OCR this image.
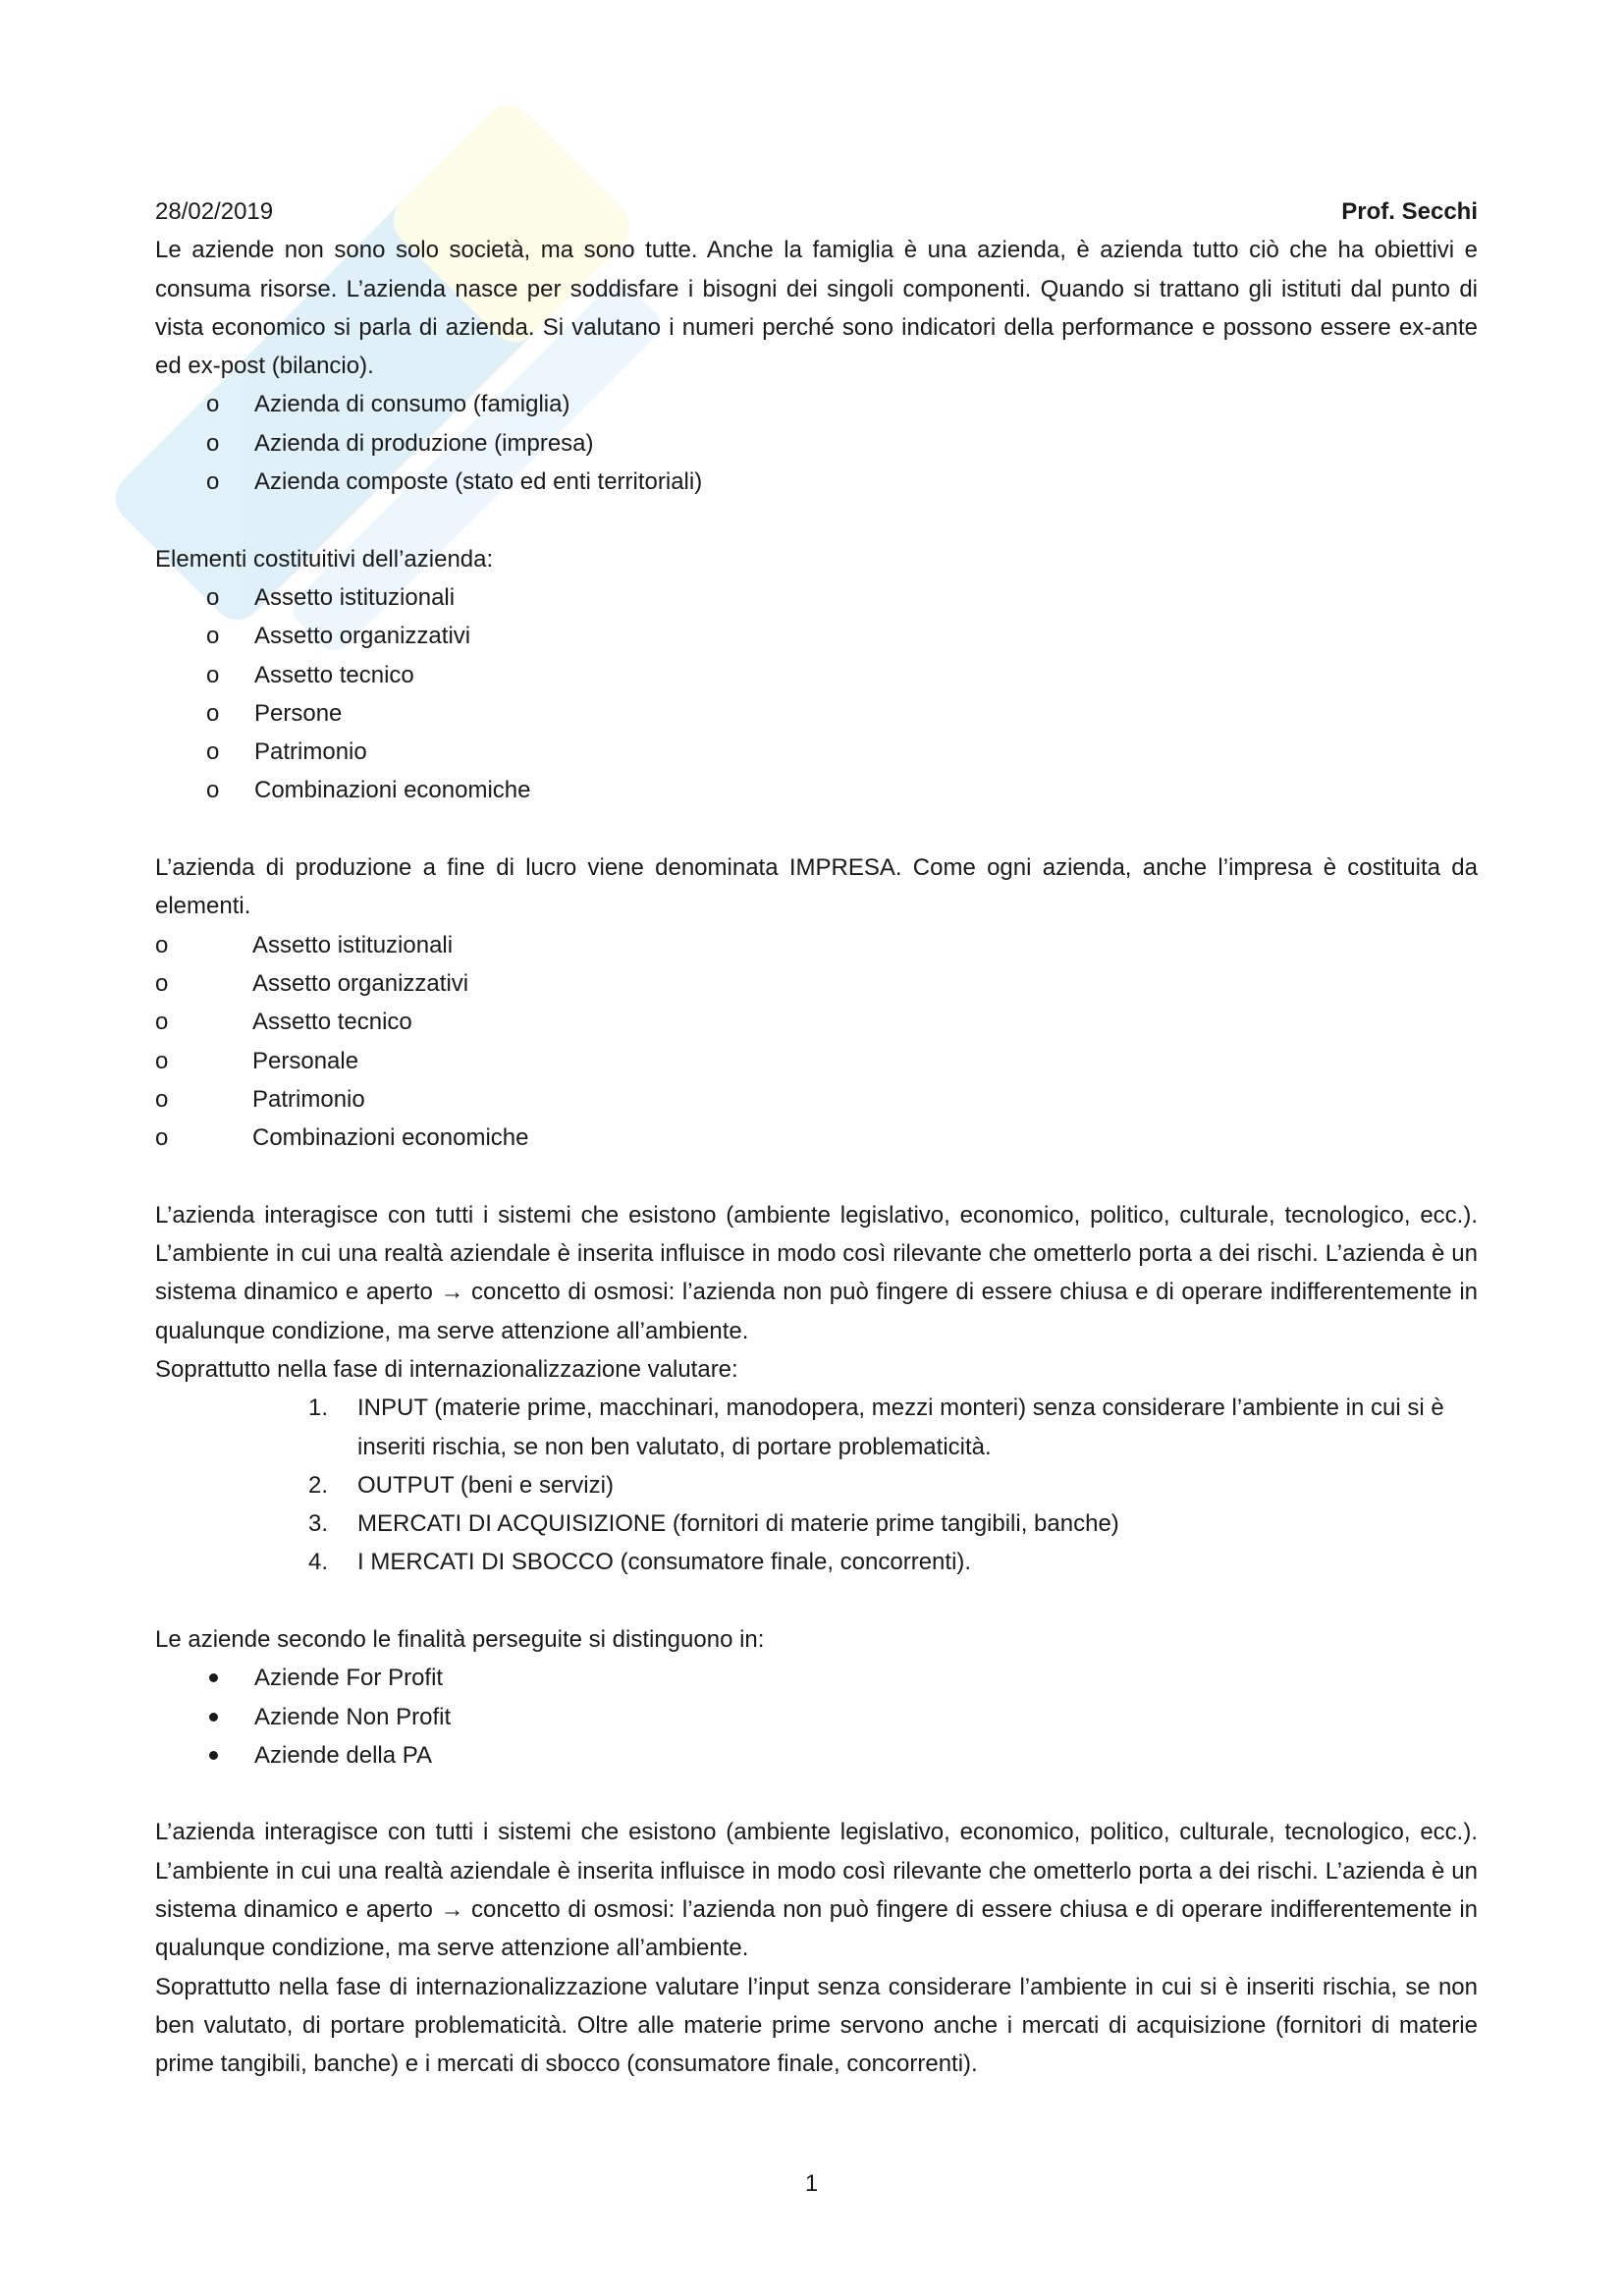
28/02/2019	Prof. Secchi

Le aziende non sono solo società, ma sono tutte. Anche la famiglia è una azienda, è azienda tutto ciò che ha obiettivi e consuma risorse. L’azienda nasce per soddisfare i bisogni dei singoli componenti. Quando si trattano gli istituti dal punto di vista economico si parla di azienda. Si valutano i numeri perché sono indicatori della performance e possono essere ex-ante ed ex-post (bilancio).

o Azienda di consumo (famiglia)
o Azienda di produzione (impresa)
o Azienda composte (stato ed enti territoriali)

Elementi costituitivi dell’azienda:

o Assetto istituzionali
o Assetto organizzativi
o Assetto tecnico
o Persone
o Patrimonio
o Combinazioni economiche

L’azienda di produzione a fine di lucro viene denominata IMPRESA. Come ogni azienda, anche l’impresa è costituita da elementi.

o Assetto istituzionali
o Assetto organizzativi
o Assetto tecnico
o Personale
o Patrimonio
o Combinazioni economiche

L’azienda interagisce con tutti i sistemi che esistono (ambiente legislativo, economico, politico, culturale, tecnologico, ecc.). L’ambiente in cui una realtà aziendale è inserita influisce in modo così rilevante che ometterlo porta a dei rischi. L’azienda è un sistema dinamico e aperto → concetto di osmosi: l’azienda non può fingere di essere chiusa e di operare indifferentemente in qualunque condizione, ma serve attenzione all’ambiente.

Soprattutto nella fase di internazionalizzazione valutare:

1. INPUT (materie prime, macchinari, manodopera, mezzi monteri) senza considerare l’ambiente in cui si è inseriti rischia, se non ben valutato, di portare problematicità.
2. OUTPUT (beni e servizi)
3. MERCATI DI ACQUISIZIONE (fornitori di materie prime tangibili, banche)
4. I MERCATI DI SBOCCO (consumatore finale, concorrenti).

Le aziende secondo le finalità perseguite si distinguono in:

Aziende For Profit
Aziende Non Profit
Aziende della PA

L’azienda interagisce con tutti i sistemi che esistono (ambiente legislativo, economico, politico, culturale, tecnologico, ecc.). L’ambiente in cui una realtà aziendale è inserita influisce in modo così rilevante che ometterlo porta a dei rischi. L’azienda è un sistema dinamico e aperto → concetto di osmosi: l’azienda non può fingere di essere chiusa e di operare indifferentemente in qualunque condizione, ma serve attenzione all’ambiente.

Soprattutto nella fase di internazionalizzazione valutare l’input senza considerare l’ambiente in cui si è inseriti rischia, se non ben valutato, di portare problematicità. Oltre alle materie prime servono anche i mercati di acquisizione (fornitori di materie prime tangibili, banche) e i mercati di sbocco (consumatore finale, concorrenti).

1
